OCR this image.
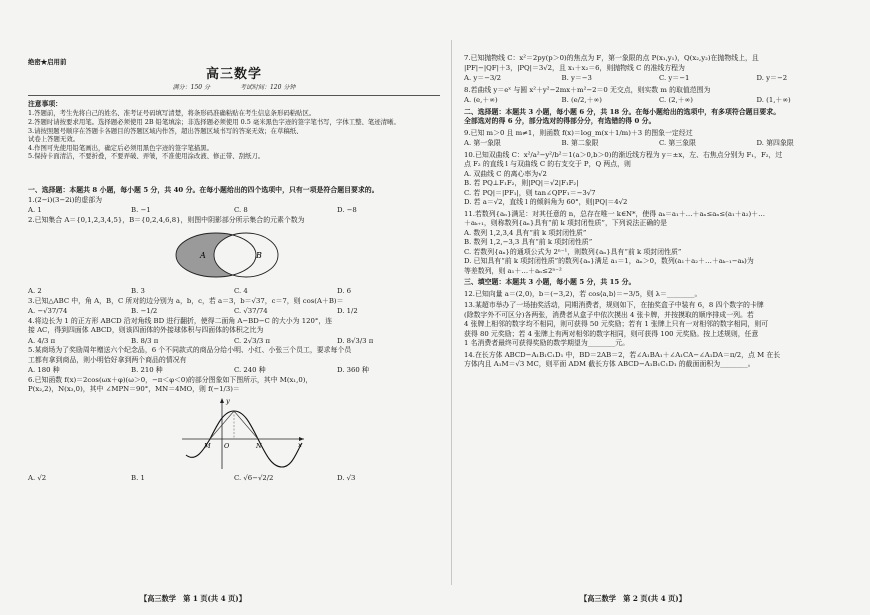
绝密★启用前
高三数学
满分：150 分	考试时间：120 分钟
注意事项：
1.答题前，考生先将自己的姓名、准考证号码填写清楚，将条形码准确粘贴在考生信息条形码粘贴区。
2.答题时请按要求用笔。选择题必须使用 2B 铅笔填涂；非选择题必须使用 0.5 毫米黑色字迹的签字笔书写，字体工整、笔迹清晰。
3.请按照题号顺序在答题卡各题目的答题区域内作答，超出答题区域书写的答案无效；在草稿纸、
试卷上答题无效。
4.作图可先使用铅笔画出，确定后必须用黑色字迹的签字笔描黑。
5.保持卡面清洁，不要折叠，不要弄破、弄皱，不准使用涂改液、修正带、刮纸刀。
一、选择题：本题共 8 小题，每小题 5 分，共 40 分。在每小题给出的四个选项中，只有一项是符合题目要求的。
1.(2−i)(3−2i)的虚部为
A. 1	B. −1	C. 8	D. −8
2.已知集合 A＝{0,1,2,3,4,5}，B＝{0,2,4,6,8}，则图中阴影部分所示集合的元素个数为
A	B
A. 2	B. 3	C. 4	D. 6
3.已知△ABC 中，角 A，B，C 所对的边分别为 a，b，c，若 a＝3，b＝√37，c＝7，则 cos(A＋B)＝
A. −√37/74	B. −1/2	C. √37/74	D. 1/2
4.将边长为 1 的正方形 ABCD 沿对角线 BD 进行翻折，使得二面角 A−BD−C 的大小为 120°，连
接 AC，得到四面体 ABCD，则该四面体的外接球体积与四面体的体积之比为
A. 4/3 π	B. 8/3 π	C. 2√3/3 π	D. 8√3/3 π
5.某商场为了奖励周年赠送六个纪念品，6 个不同款式的商品分给小明、小红、小张三个员工，要求每个员
工都有拿到商品，则小明恰好拿到两个商品的情况有
A. 180 种	B. 210 种	C. 240 种	D. 360 种
6.已知函数 f(x)＝2cos(ωx＋φ)(ω＞0，−π＜φ＜0)的部分图象如下图所示，其中 M(x₁,0)，
P(x₂,2)，N(x₃,0)，其中 ∠MPN＝90°，MN＝4MO，则 f(−1/3)＝
M O	N
y
x
A. √2	B. 1	C. √6−√2/2	D. √3
7.已知抛物线 C：x²＝2py(p＞0)的焦点为 F，第一象限的点 P(x₁,y₁)，Q(x₂,y₂)在抛物线上，且
|PF|−|QF|＋3，|PQ|＝3√2，且 x₁＋x₂＝6，则抛物线 C 的准线方程为
A. y＝−3/2	B. y＝−3	C. y＝−1	D. y＝−2
8.若曲线 y＝eˣ 与圆 x²＋y²−2mx＋m²−2＝0 无交点，则实数 m 的取值范围为
A. (e,＋∞)	B. (e/2,＋∞)	C. (2,＋∞)	D. (1,＋∞)
二、选择题：本题共 3 小题，每小题 6 分，共 18 分。在每小题给出的选项中，有多项符合题目要求。
全部选对的得 6 分，部分选对的得部分分，有选错的得 0 分。
9.已知 m＞0 且 m≠1，则函数 f(x)＝log_m(x＋1/m)＋3 的图象一定经过
A. 第一象限	B. 第二象限	C. 第三象限	D. 第四象限
10.已知双曲线 C：x²/a²−y²/b²＝1(a＞0,b＞0)的渐近线方程为 y＝±x，左、右焦点分别为 F₁，F₂，过
点 F₂ 的直线 l 与双曲线 C 的右支交于 P，Q 两点，则
A. 双曲线 C 的离心率为√2
B. 若 PQ⊥F₁F₂，则|PQ|＝√2|F₁F₂|
C. 若 PQ|＝|PF₁|，则 tan∠QPF₁＝−3√7
D. 若 a＝√2，直线 l 的倾斜角为 60°，则|PQ|＝4√2
11.若数列{aₙ}满足：对其任意的 n，总存在唯一 k∈N*，使得 aₖ＝a₁＋…＋aₙ≤aₙ≤(a₁＋a₂)＋…
＋aₖ₊₁，则称数列{aₙ}具有“前 k 项封闭性质”，下列说法正确的是
A. 数列 1,2,3,4 具有“前 k 项封闭性质”
B. 数列 1,2,−3,3 具有“前 k 项封闭性质”
C. 若数列{aₙ}的通项公式为 2ⁿ⁻¹，则数列{aₙ}具有“前 k 项封闭性质”
D. 已知具有“前 k 项封闭性质”的数列{aₙ}满足 a₁＝1，aₙ＞0，数列(a₁＋a₂＋…＋aₖ₋₁−aₖ)为
等差数列，则 a₁＋…＋aₙ≤2ⁿ⁻²
三、填空题：本题共 3 小题，每小题 5 分，共 15 分。
12.已知向量 a＝(2,0)，b＝(−3,2)，若 cos⟨a,b⟩＝−3/5，则 λ＝________。
13.某超市举办了一场抽奖活动，同期消费者，规则如下，在抽奖盒子中装有 6，8 四个数字的卡牌
(除数字外不可区分)各两张，消费者从盒子中依次摸出 4 张卡牌，并按摸取的顺序排成一列。若
4 张牌上相邻的数字均不相同，则可获得 50 元奖励；若有 1 张牌上只有一对相邻的数字相同，则可
获得 80 元奖励；若 4 张牌上有两对相邻的数字相同，则可获得 100 元奖励。按上述规则，任意
1 名消费者最终可获得奖励的数学期望为________元。
14.在长方体 ABCD−A₁B₁C₁D₁ 中，BD＝2AB＝2，若∠A₁BA₁＋∠A₁CA−∠A₁DA＝π/2，点 M 在长
方体内且 A₁M＝√3 MC，则平面 ADM 截长方体 ABCD−A₁B₁C₁D₁ 的截面面积为________。
【高三数学　第 1 页(共 4 页)】	【高三数学　第 2 页(共 4 页)】
